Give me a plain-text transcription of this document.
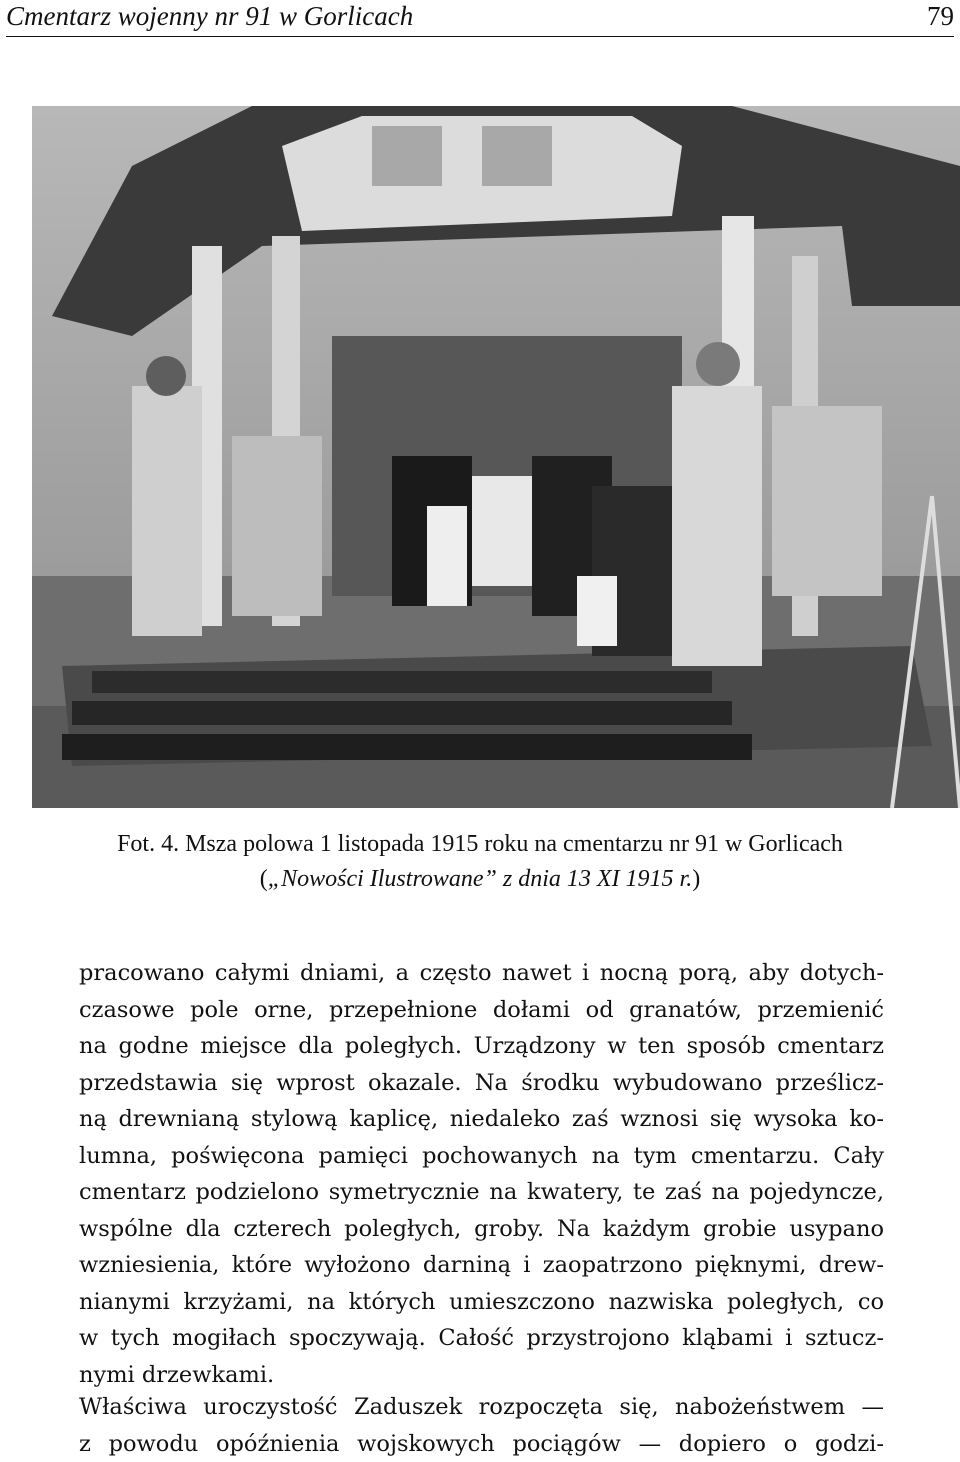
Cmentarz wojenny nr 91 w Gorlicach	79
Fot. 4. Msza polowa 1 listopada 1915 roku na cmentarzu nr 91 w Gorlicach
(„Nowości Ilustrowane” z dnia 13 XI 1915 r.)
pracowano całymi dniami, a często nawet i nocną porą, aby dotych-
czasowe pole orne, przepełnione dołami od granatów, przemienić
na godne miejsce dla poległych. Urządzony w ten sposób cmentarz
przedstawia się wprost okazale. Na środku wybudowano prześlicz-
ną drewnianą stylową kaplicę, niedaleko zaś wznosi się wysoka ko-
lumna, poświęcona pamięci pochowanych na tym cmentarzu. Cały
cmentarz podzielono symetrycznie na kwatery, te zaś na pojedyncze,
wspólne dla czterech poległych, groby. Na każdym grobie usypano
wzniesienia, które wyłożono darniną i zaopatrzono pięknymi, drew-
nianymi krzyżami, na których umieszczono nazwiska poległych, co
w tych mogiłach spoczywają. Całość przystrojono kląbami i sztucz-
nymi drzewkami.
Właściwa uroczystość Zaduszek rozpoczęta się, nabożeństwem —
z powodu opóźnienia wojskowych pociągów — dopiero o godzi-
